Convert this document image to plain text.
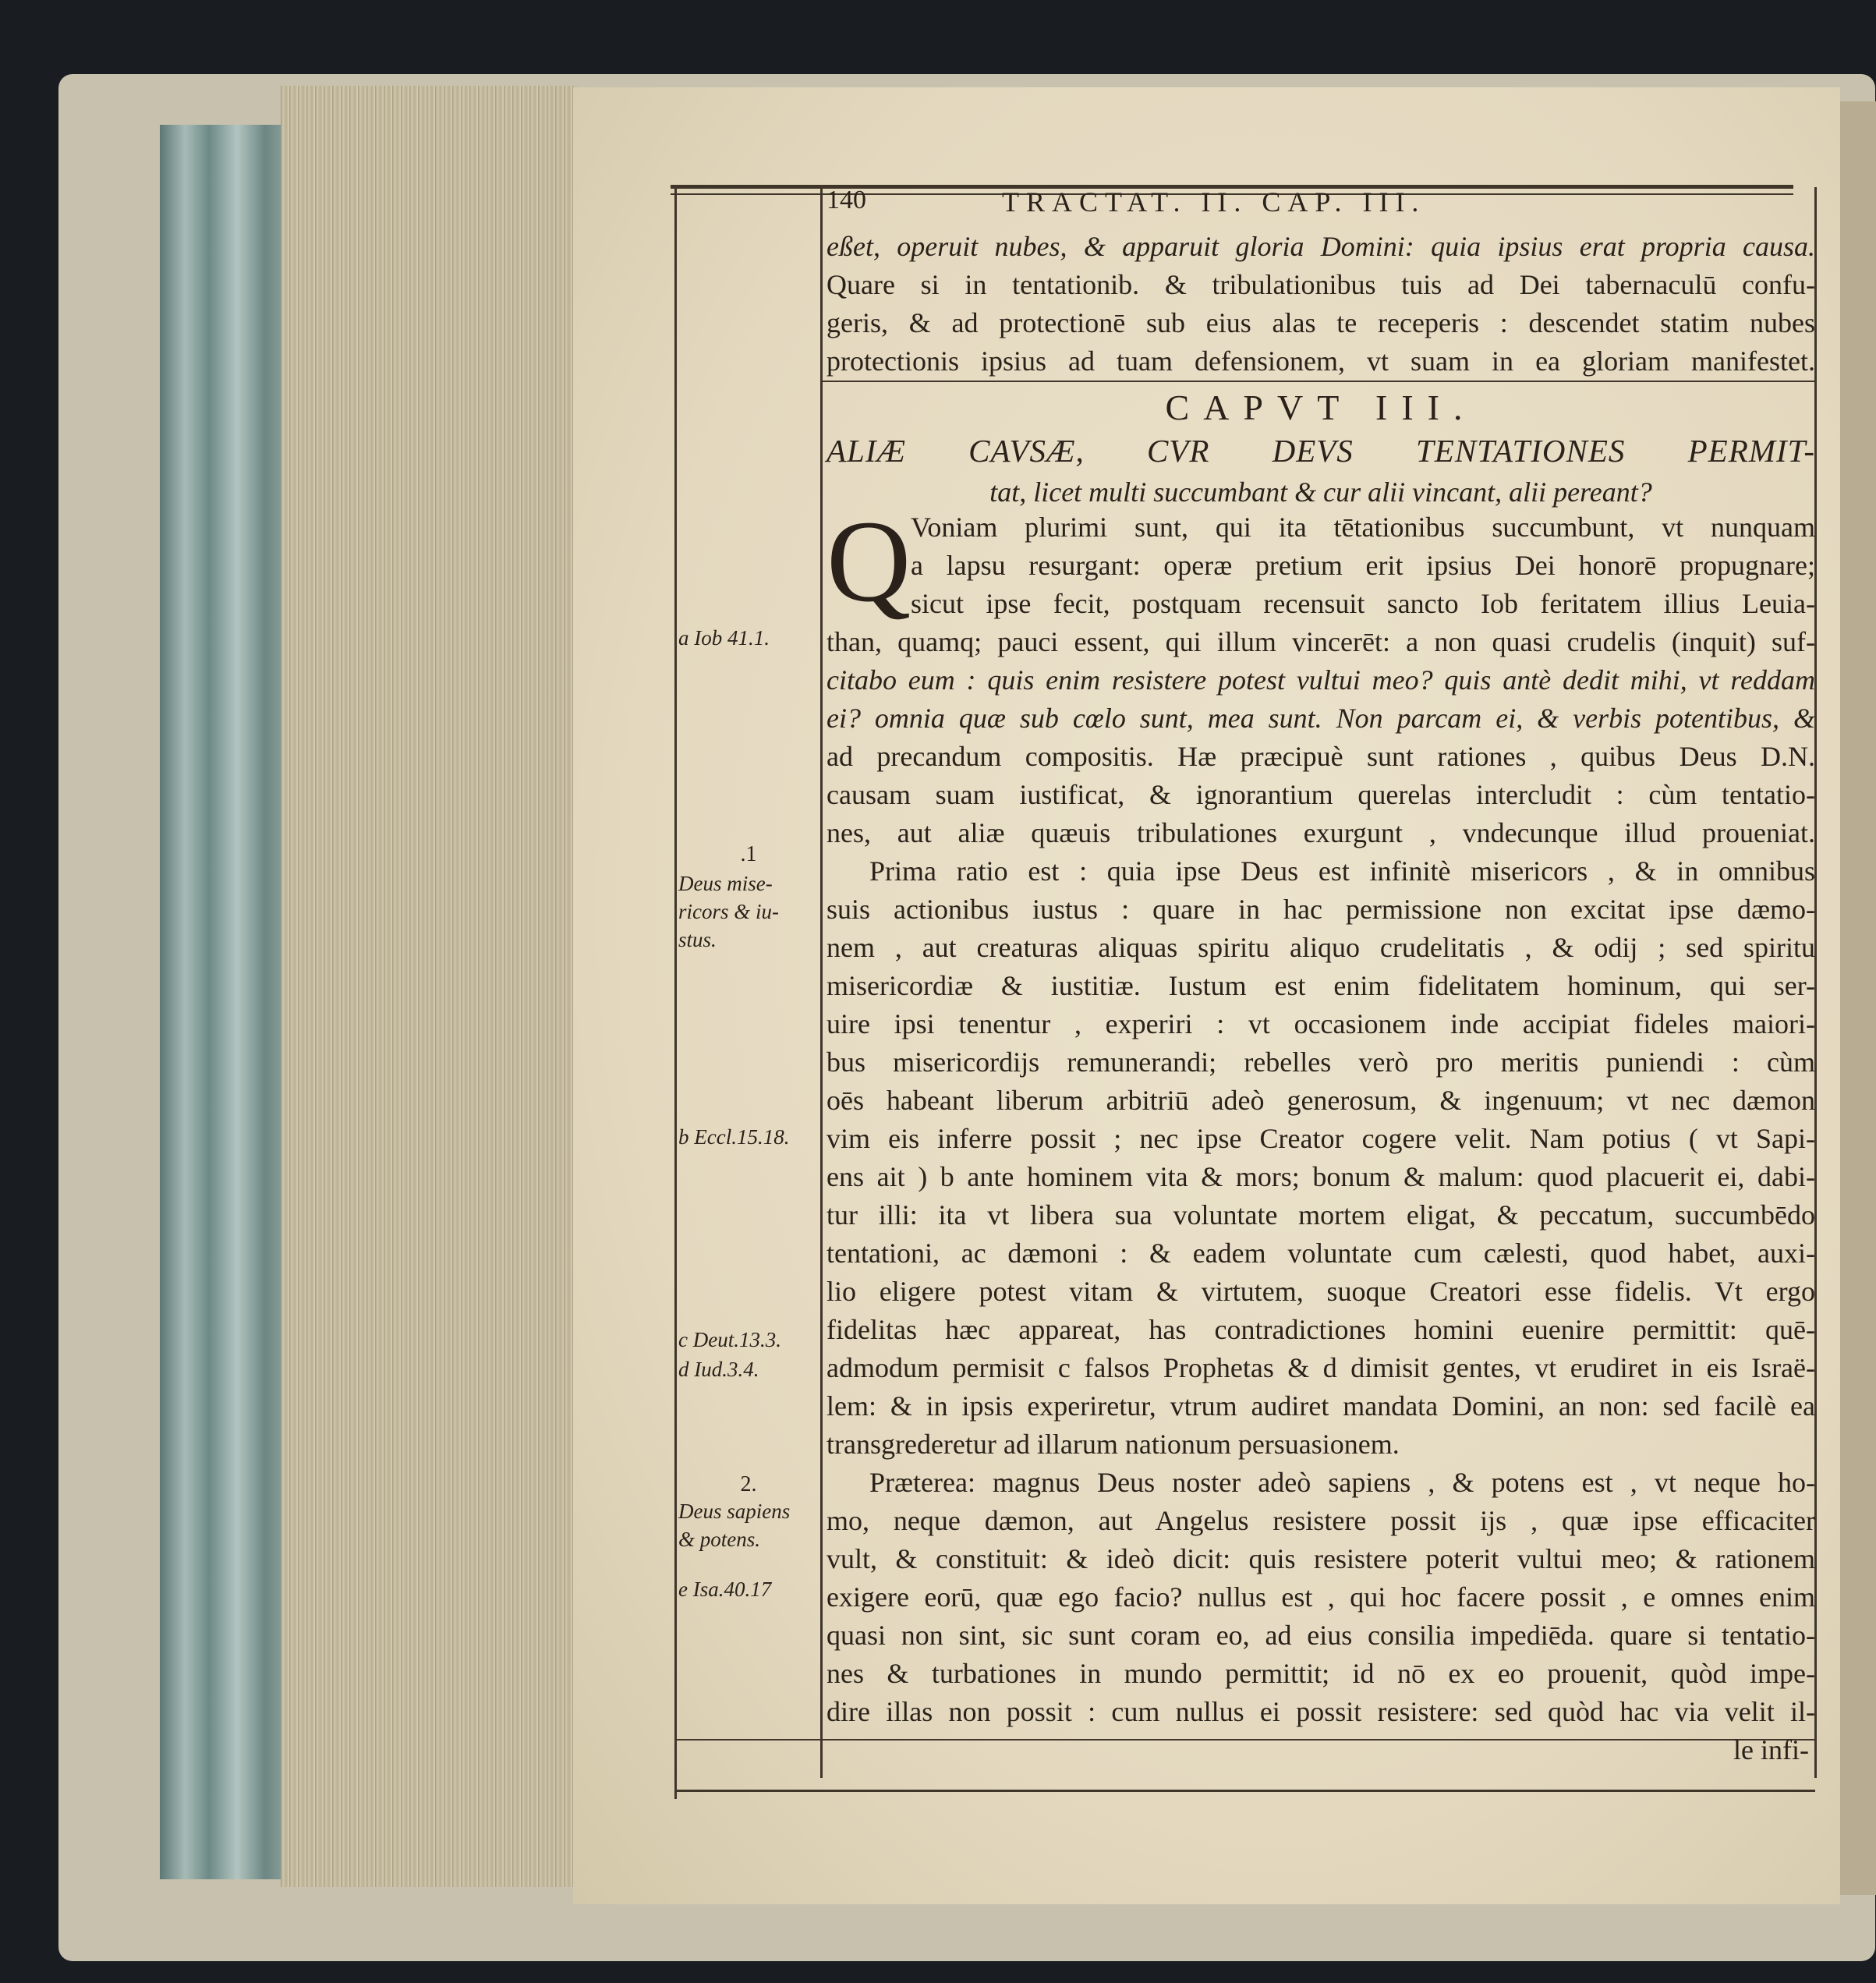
140	TRACTAT. II. CAP. III.
eßet, operuit nubes, & apparuit gloria Domini: quia ipsius erat propria causa.
Quare si in tentationib. & tribulationibus tuis ad Dei tabernaculū confu-
geris, & ad protectionē sub eius alas te receperis : descendet statim nubes
protectionis ipsius ad tuam defensionem, vt suam in ea gloriam manifestet.
CAPVT III.
ALIÆ CAVSÆ, CVR DEVS TENTATIONES PERMIT-
tat, licet multi succumbant & cur alii vincant, alii pereant?
Q Voniam plurimi sunt, qui ita tētationibus succumbunt, vt nunquam
a lapsu resurgant: operæ pretium erit ipsius Dei honorē propugnare;
sicut ipse fecit, postquam recensuit sancto Iob feritatem illius Leuia-
than, quamq; pauci essent, qui illum vincerēt: a non quasi crudelis (inquit) suf-
citabo eum : quis enim resistere potest vultui meo? quis antè dedit mihi, vt reddam
ei? omnia quæ sub cœlo sunt, mea sunt. Non parcam ei, & verbis potentibus, &
ad precandum compositis. Hæ præcipuè sunt rationes , quibus Deus D.N.
causam suam iustificat, & ignorantium querelas intercludit : cùm tentatio-
nes, aut aliæ quæuis tribulationes exurgunt , vndecunque illud proueniat.
Prima ratio est : quia ipse Deus est infinitè misericors , & in omnibus
suis actionibus iustus : quare in hac permissione non excitat ipse dæmo-
nem , aut creaturas aliquas spiritu aliquo crudelitatis , & odij ; sed spiritu
misericordiæ & iustitiæ. Iustum est enim fidelitatem hominum, qui ser-
uire ipsi tenentur , experiri : vt occasionem inde accipiat fideles maiori-
bus misericordijs remunerandi; rebelles verò pro meritis puniendi : cùm
oēs habeant liberum arbitriū adeò generosum, & ingenuum; vt nec dæmon
vim eis inferre possit ; nec ipse Creator cogere velit. Nam potius ( vt Sapi-
ens ait ) b ante hominem vita & mors; bonum & malum: quod placuerit ei, dabi-
tur illi: ita vt libera sua voluntate mortem eligat, & peccatum, succumbēdo
tentationi, ac dæmoni : & eadem voluntate cum cælesti, quod habet, auxi-
lio eligere potest vitam & virtutem, suoque Creatori esse fidelis. Vt ergo
fidelitas hæc appareat, has contradictiones homini euenire permittit: quē-
admodum permisit c falsos Prophetas & d dimisit gentes, vt erudiret in eis Israë-
lem: & in ipsis experiretur, vtrum audiret mandata Domini, an non: sed facilè ea
transgrederetur ad illarum nationum persuasionem.
Præterea: magnus Deus noster adeò sapiens , & potens est , vt neque ho-
mo, neque dæmon, aut Angelus resistere possit ijs , quæ ipse efficaciter
vult, & constituit: & ideò dicit: quis resistere poterit vultui meo; & rationem
exigere eorū, quæ ego facio? nullus est , qui hoc facere possit , e omnes enim
quasi non sint, sic sunt coram eo, ad eius consilia impediēda. quare si tentatio-
nes & turbationes in mundo permittit; id nō ex eo prouenit, quòd impe-
dire illas non possit : cum nullus ei possit resistere: sed quòd hac via velit il-
le infi-
a Iob 41.1.
.1
Deus mise-ricors & iu-stus.
b Eccl.15.18.
c Deut.13.3.
d Iud.3.4.
2.
Deus sapiens & potens.
e Isa.40.17
